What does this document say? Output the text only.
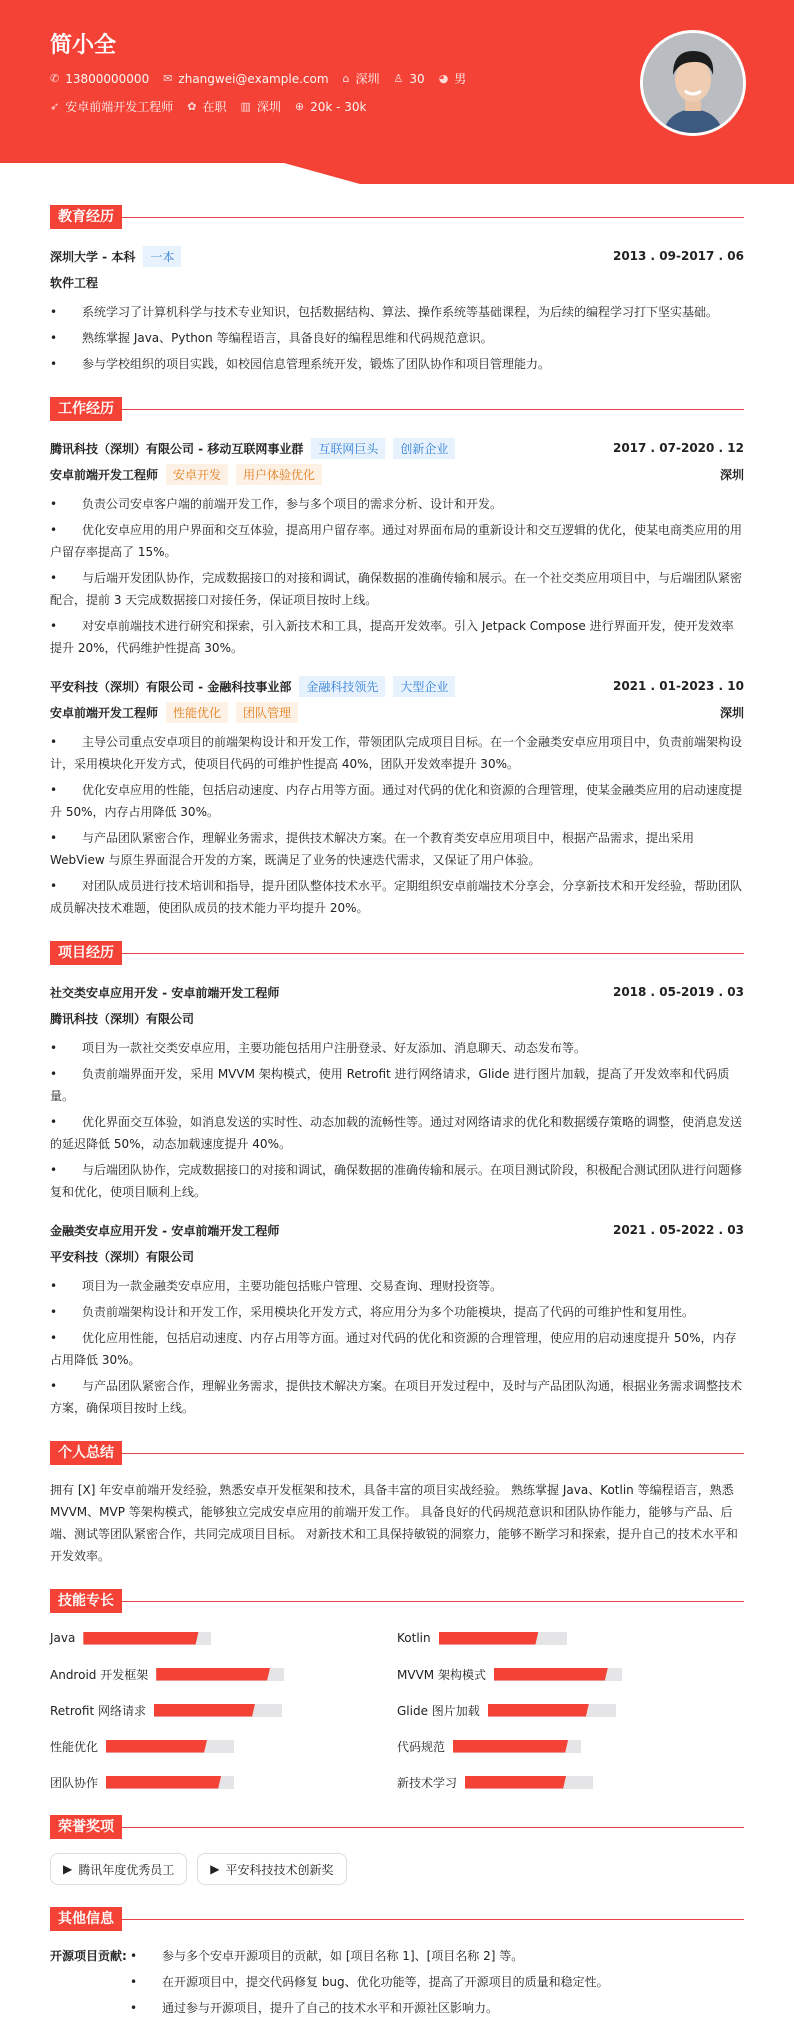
简小全
✆ 13800000000 ✉ zhangwei@example.com ⌂ 深圳 ♙ 30 ◕ 男
➶ 安卓前端开发工程师 ✿ 在职 ▥ 深圳 ⊕ 20k - 30k
教育经历
深圳大学 - 本科	一本	2013 . 09-2017 . 06
软件工程
• 系统学习了计算机科学与技术专业知识，包括数据结构、算法、操作系统等基础课程，为后续的编程学习打下坚实基础。
• 熟练掌握 Java、Python 等编程语言，具备良好的编程思维和代码规范意识。
• 参与学校组织的项目实践，如校园信息管理系统开发，锻炼了团队协作和项目管理能力。
工作经历
腾讯科技（深圳）有限公司 - 移动互联网事业群	互联网巨头	创新企业	2017 . 07-2020 . 12
安卓前端开发工程师	安卓开发	用户体验优化	深圳
• 负责公司安卓客户端的前端开发工作，参与多个项目的需求分析、设计和开发。
• 优化安卓应用的用户界面和交互体验，提高用户留存率。通过对界面布局的重新设计和交互逻辑的优化，使某电商类应用的用户留存率提高了 15%。
• 与后端开发团队协作，完成数据接口的对接和调试，确保数据的准确传输和展示。在一个社交类应用项目中，与后端团队紧密配合，提前 3 天完成数据接口对接任务，保证项目按时上线。
• 对安卓前端技术进行研究和探索，引入新技术和工具，提高开发效率。引入 Jetpack Compose 进行界面开发，使开发效率提升 20%，代码维护性提高 30%。
平安科技（深圳）有限公司 - 金融科技事业部	金融科技领先	大型企业	2021 . 01-2023 . 10
安卓前端开发工程师	性能优化	团队管理	深圳
• 主导公司重点安卓项目的前端架构设计和开发工作，带领团队完成项目目标。在一个金融类安卓应用项目中，负责前端架构设计，采用模块化开发方式，使项目代码的可维护性提高 40%，团队开发效率提升 30%。
• 优化安卓应用的性能，包括启动速度、内存占用等方面。通过对代码的优化和资源的合理管理，使某金融类应用的启动速度提升 50%，内存占用降低 30%。
• 与产品团队紧密合作，理解业务需求，提供技术解决方案。在一个教育类安卓应用项目中，根据产品需求，提出采用 WebView 与原生界面混合开发的方案，既满足了业务的快速迭代需求，又保证了用户体验。
• 对团队成员进行技术培训和指导，提升团队整体技术水平。定期组织安卓前端技术分享会，分享新技术和开发经验，帮助团队成员解决技术难题，使团队成员的技术能力平均提升 20%。
项目经历
社交类安卓应用开发 - 安卓前端开发工程师	2018 . 05-2019 . 03
腾讯科技（深圳）有限公司
• 项目为一款社交类安卓应用，主要功能包括用户注册登录、好友添加、消息聊天、动态发布等。
• 负责前端界面开发，采用 MVVM 架构模式，使用 Retrofit 进行网络请求，Glide 进行图片加载，提高了开发效率和代码质量。
• 优化界面交互体验，如消息发送的实时性、动态加载的流畅性等。通过对网络请求的优化和数据缓存策略的调整，使消息发送的延迟降低 50%，动态加载速度提升 40%。
• 与后端团队协作，完成数据接口的对接和调试，确保数据的准确传输和展示。在项目测试阶段，积极配合测试团队进行问题修复和优化，使项目顺利上线。
金融类安卓应用开发 - 安卓前端开发工程师	2021 . 05-2022 . 03
平安科技（深圳）有限公司
• 项目为一款金融类安卓应用，主要功能包括账户管理、交易查询、理财投资等。
• 负责前端架构设计和开发工作，采用模块化开发方式，将应用分为多个功能模块，提高了代码的可维护性和复用性。
• 优化应用性能，包括启动速度、内存占用等方面。通过对代码的优化和资源的合理管理，使应用的启动速度提升 50%，内存占用降低 30%。
• 与产品团队紧密合作，理解业务需求，提供技术解决方案。在项目开发过程中，及时与产品团队沟通，根据业务需求调整技术方案，确保项目按时上线。
个人总结
拥有 [X] 年安卓前端开发经验，熟悉安卓开发框架和技术，具备丰富的项目实战经验。 熟练掌握 Java、Kotlin 等编程语言，熟悉 MVVM、MVP 等架构模式，能够独立完成安卓应用的前端开发工作。 具备良好的代码规范意识和团队协作能力，能够与产品、后端、测试等团队紧密合作，共同完成项目目标。 对新技术和工具保持敏锐的洞察力，能够不断学习和探索，提升自己的技术水平和开发效率。
技能专长
Java	Kotlin
Android 开发框架	MVVM 架构模式
Retrofit 网络请求	Glide 图片加载
性能优化	代码规范
团队协作	新技术学习
荣誉奖项
▶ 腾讯年度优秀员工	▶ 平安科技技术创新奖
其他信息
开源项目贡献:	• 参与多个安卓开源项目的贡献，如 [项目名称 1]、[项目名称 2] 等。
• 在开源项目中，提交代码修复 bug、优化功能等，提高了开源项目的质量和稳定性。
• 通过参与开源项目，提升了自己的技术水平和开源社区影响力。
